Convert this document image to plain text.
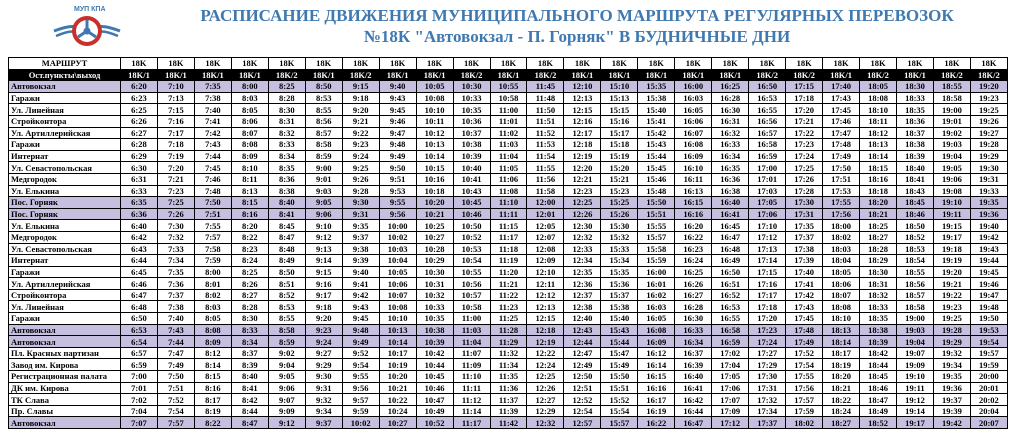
МУП КПА	РАСПИСАНИЕ ДВИЖЕНИЯ МУНИЦИПАЛЬНОГО МАРШРУТА РЕГУЛЯРНЫХ ПЕРЕВОЗОК
№18К "Автовокзал - П. Горняк" В БУДНИЧНЫЕ ДНИ
МАРШРУТ	18K	18K	18K	18K	18K	18K	18K	18K	18K	18K	18K	18K	18K	18K	18K	18K	18K	18K	18K	18K	18K	18K	18K	18K
Ост.пункты\выход	18K/1	18K/1	18K/1	18K/1	18K/2	18K/1	18K/2	18K/1	18K/1	18K/2	18K/1	18K/2	18K/1	18K/1	18K/1	18K/1	18K/1	18K/2	18K/2	18K/1	18K/2	18K/1	18K/2	18K/2
Автовокзал	6:20	7:10	7:35	8:00	8:25	8:50	9:15	9:40	10:05	10:30	10:55	11:45	12:10	15:10	15:35	16:00	16:25	16:50	17:15	17:40	18:05	18:30	18:55	19:20
Гаражи	6:23	7:13	7:38	8:03	8:28	8:53	9:18	9:43	10:08	10:33	10:58	11:48	12:13	15:13	15:38	16:03	16:28	16:53	17:18	17:43	18:08	18:33	18:58	19:23
Ул. Линейная	6:25	7:15	7:40	8:05	8:30	8:55	9:20	9:45	10:10	10:35	11:00	11:50	12:15	15:15	15:40	16:05	16:30	16:55	17:20	17:45	18:10	18:35	19:00	19:25
Стройконтора	6:26	7:16	7:41	8:06	8:31	8:56	9:21	9:46	10:11	10:36	11:01	11:51	12:16	15:16	15:41	16:06	16:31	16:56	17:21	17:46	18:11	18:36	19:01	19:26
Ул. Артиллерийская	6:27	7:17	7:42	8:07	8:32	8:57	9:22	9:47	10:12	10:37	11:02	11:52	12:17	15:17	15:42	16:07	16:32	16:57	17:22	17:47	18:12	18:37	19:02	19:27
Гаражи	6:28	7:18	7:43	8:08	8:33	8:58	9:23	9:48	10:13	10:38	11:03	11:53	12:18	15:18	15:43	16:08	16:33	16:58	17:23	17:48	18:13	18:38	19:03	19:28
Интернат	6:29	7:19	7:44	8:09	8:34	8:59	9:24	9:49	10:14	10:39	11:04	11:54	12:19	15:19	15:44	16:09	16:34	16:59	17:24	17:49	18:14	18:39	19:04	19:29
Ул. Севастопольская	6:30	7:20	7:45	8:10	8:35	9:00	9:25	9:50	10:15	10:40	11:05	11:55	12:20	15:20	15:45	16:10	16:35	17:00	17:25	17:50	18:15	18:40	19:05	19:30
Медгородок	6:31	7:21	7:46	8:11	8:36	9:01	9:26	9:51	10:16	10:41	11:06	11:56	12:21	15:21	15:46	16:11	16:36	17:01	17:26	17:51	18:16	18:41	19:06	19:31
Ул. Елькина	6:33	7:23	7:48	8:13	8:38	9:03	9:28	9:53	10:18	10:43	11:08	11:58	12:23	15:23	15:48	16:13	16:38	17:03	17:28	17:53	18:18	18:43	19:08	19:33
Пос. Горняк	6:35	7:25	7:50	8:15	8:40	9:05	9:30	9:55	10:20	10:45	11:10	12:00	12:25	15:25	15:50	16:15	16:40	17:05	17:30	17:55	18:20	18:45	19:10	19:35
Пос. Горняк	6:36	7:26	7:51	8:16	8:41	9:06	9:31	9:56	10:21	10:46	11:11	12:01	12:26	15:26	15:51	16:16	16:41	17:06	17:31	17:56	18:21	18:46	19:11	19:36
Ул. Елькина	6:40	7:30	7:55	8:20	8:45	9:10	9:35	10:00	10:25	10:50	11:15	12:05	12:30	15:30	15:55	16:20	16:45	17:10	17:35	18:00	18:25	18:50	19:15	19:40
Медгородок	6:42	7:32	7:57	8:22	8:47	9:12	9:37	10:02	10:27	10:52	11:17	12:07	12:32	15:32	15:57	16:22	16:47	17:12	17:37	18:02	18:27	18:52	19:17	19:42
Ул. Севастопольская	6:43	7:33	7:58	8:23	8:48	9:13	9:38	10:03	10:28	10:53	11:18	12:08	12:33	15:33	15:58	16:23	16:48	17:13	17:38	18:03	18:28	18:53	19:18	19:43
Интернат	6:44	7:34	7:59	8:24	8:49	9:14	9:39	10:04	10:29	10:54	11:19	12:09	12:34	15:34	15:59	16:24	16:49	17:14	17:39	18:04	18:29	18:54	19:19	19:44
Гаражи	6:45	7:35	8:00	8:25	8:50	9:15	9:40	10:05	10:30	10:55	11:20	12:10	12:35	15:35	16:00	16:25	16:50	17:15	17:40	18:05	18:30	18:55	19:20	19:45
Ул. Артиллерийская	6:46	7:36	8:01	8:26	8:51	9:16	9:41	10:06	10:31	10:56	11:21	12:11	12:36	15:36	16:01	16:26	16:51	17:16	17:41	18:06	18:31	18:56	19:21	19:46
Стройконтора	6:47	7:37	8:02	8:27	8:52	9:17	9:42	10:07	10:32	10:57	11:22	12:12	12:37	15:37	16:02	16:27	16:52	17:17	17:42	18:07	18:32	18:57	19:22	19:47
Ул. Линейная	6:48	7:38	8:03	8:28	8:53	9:18	9:43	10:08	10:33	10:58	11:23	12:13	12:38	15:38	16:03	16:28	16:53	17:18	17:43	18:08	18:33	18:58	19:23	19:48
Гаражи	6:50	7:40	8:05	8:30	8:55	9:20	9:45	10:10	10:35	11:00	11:25	12:15	12:40	15:40	16:05	16:30	16:55	17:20	17:45	18:10	18:35	19:00	19:25	19:50
Автовокзал	6:53	7:43	8:08	8:33	8:58	9:23	9:48	10:13	10:38	11:03	11:28	12:18	12:43	15:43	16:08	16:33	16:58	17:23	17:48	18:13	18:38	19:03	19:28	19:53
Автовокзал	6:54	7:44	8:09	8:34	8:59	9:24	9:49	10:14	10:39	11:04	11:29	12:19	12:44	15:44	16:09	16:34	16:59	17:24	17:49	18:14	18:39	19:04	19:29	19:54
Пл. Красных партизан	6:57	7:47	8:12	8:37	9:02	9:27	9:52	10:17	10:42	11:07	11:32	12:22	12:47	15:47	16:12	16:37	17:02	17:27	17:52	18:17	18:42	19:07	19:32	19:57
Завод им. Кирова	6:59	7:49	8:14	8:39	9:04	9:29	9:54	10:19	10:44	11:09	11:34	12:24	12:49	15:49	16:14	16:39	17:04	17:29	17:54	18:19	18:44	19:09	19:34	19:59
Регистрационная палата	7:00	7:50	8:15	8:40	9:05	9:30	9:55	10:20	10:45	11:10	11:35	12:25	12:50	15:50	16:15	16:40	17:05	17:30	17:55	18:20	18:45	19:10	19:35	20:00
ДК им. Кирова	7:01	7:51	8:16	8:41	9:06	9:31	9:56	10:21	10:46	11:11	11:36	12:26	12:51	15:51	16:16	16:41	17:06	17:31	17:56	18:21	18:46	19:11	19:36	20:01
ТК Слава	7:02	7:52	8:17	8:42	9:07	9:32	9:57	10:22	10:47	11:12	11:37	12:27	12:52	15:52	16:17	16:42	17:07	17:32	17:57	18:22	18:47	19:12	19:37	20:02
Пр. Славы	7:04	7:54	8:19	8:44	9:09	9:34	9:59	10:24	10:49	11:14	11:39	12:29	12:54	15:54	16:19	16:44	17:09	17:34	17:59	18:24	18:49	19:14	19:39	20:04
Автовокзал	7:07	7:57	8:22	8:47	9:12	9:37	10:02	10:27	10:52	11:17	11:42	12:32	12:57	15:57	16:22	16:47	17:12	17:37	18:02	18:27	18:52	19:17	19:42	20:07
